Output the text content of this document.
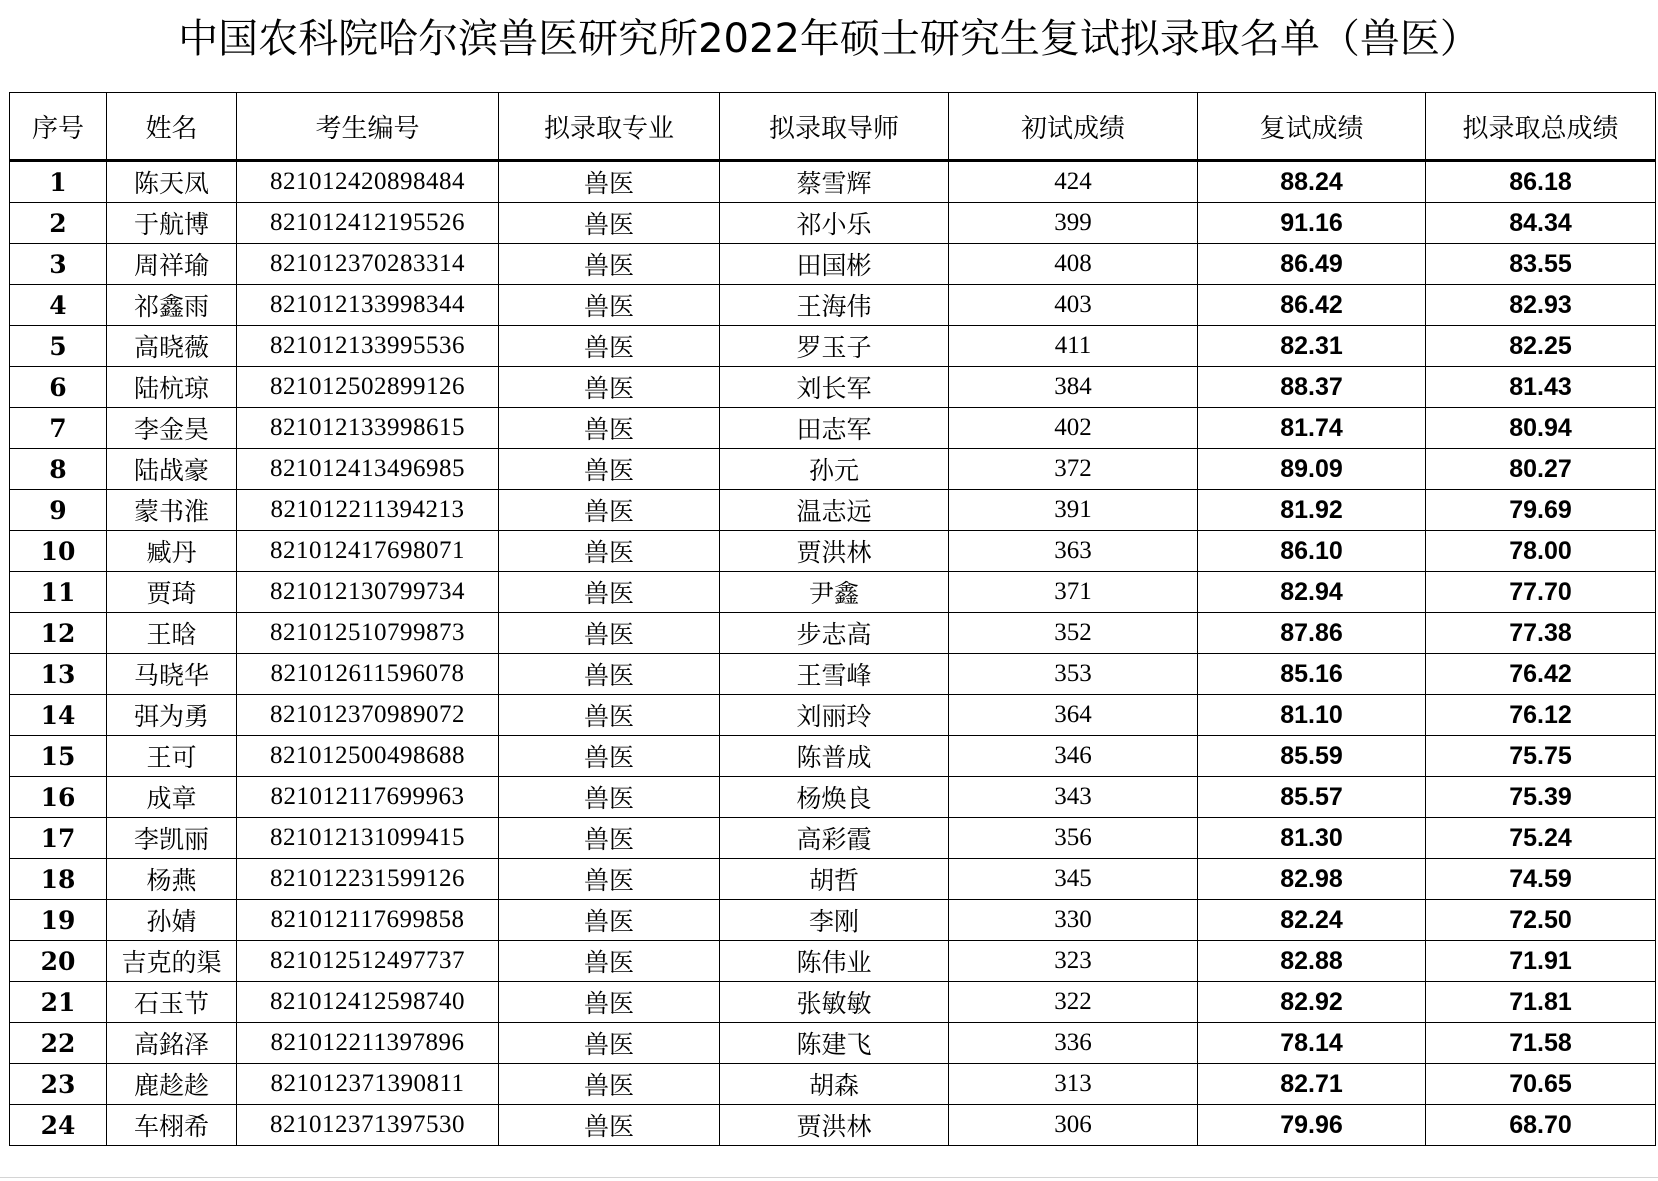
中国农科院哈尔滨兽医研究所2022年硕士研究生复试拟录取名单（兽医）
序号	姓名	考生编号	拟录取专业	拟录取导师	初试成绩	复试成绩	拟录取总成绩
1	陈天凤	821012420898484	兽医	蔡雪辉	424	88.24	86.18
2	于航博	821012412195526	兽医	祁小乐	399	91.16	84.34
3	周祥瑜	821012370283314	兽医	田国彬	408	86.49	83.55
4	祁鑫雨	821012133998344	兽医	王海伟	403	86.42	82.93
5	高晓薇	821012133995536	兽医	罗玉子	411	82.31	82.25
6	陆杭琼	821012502899126	兽医	刘长军	384	88.37	81.43
7	李金昊	821012133998615	兽医	田志军	402	81.74	80.94
8	陆战豪	821012413496985	兽医	孙元	372	89.09	80.27
9	蒙书淮	821012211394213	兽医	温志远	391	81.92	79.69
10	臧丹	821012417698071	兽医	贾洪林	363	86.10	78.00
11	贾琦	821012130799734	兽医	尹鑫	371	82.94	77.70
12	王晗	821012510799873	兽医	步志高	352	87.86	77.38
13	马晓华	821012611596078	兽医	王雪峰	353	85.16	76.42
14	弭为勇	821012370989072	兽医	刘丽玲	364	81.10	76.12
15	王可	821012500498688	兽医	陈普成	346	85.59	75.75
16	成章	821012117699963	兽医	杨焕良	343	85.57	75.39
17	李凯丽	821012131099415	兽医	高彩霞	356	81.30	75.24
18	杨燕	821012231599126	兽医	胡哲	345	82.98	74.59
19	孙婧	821012117699858	兽医	李刚	330	82.24	72.50
20	吉克的渠	821012512497737	兽医	陈伟业	323	82.88	71.91
21	石玉节	821012412598740	兽医	张敏敏	322	82.92	71.81
22	高銘泽	821012211397896	兽医	陈建飞	336	78.14	71.58
23	鹿趁趁	821012371390811	兽医	胡森	313	82.71	70.65
24	车栩希	821012371397530	兽医	贾洪林	306	79.96	68.70
